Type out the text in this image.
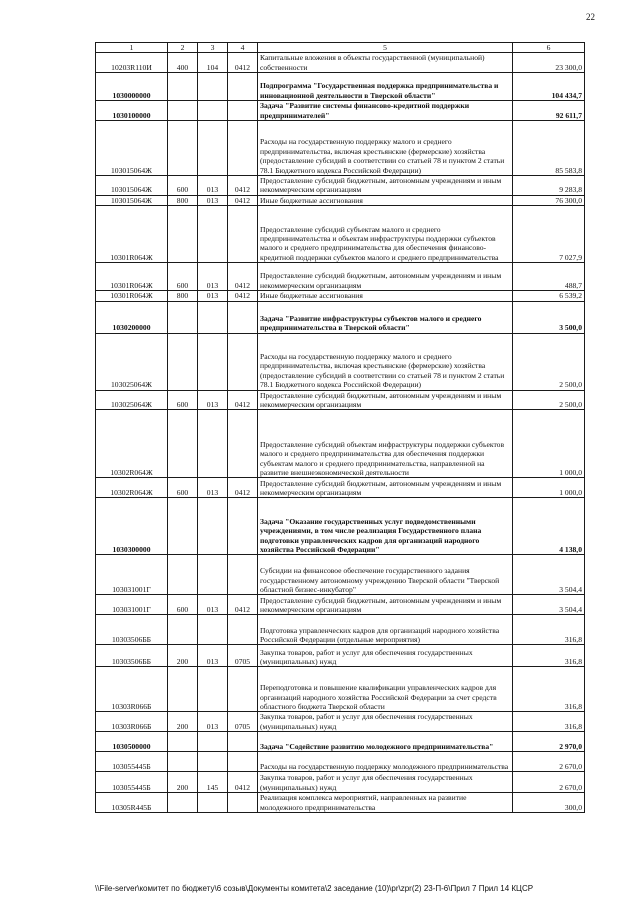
22
1	2	3	4	5	6
10203R110И	400	104	0412	Капитальные вложения в объекты государственной (муниципальной) собственности	23 300,0
1030000000				Подпрограмма "Государственная поддержка предпринимательства и инновационной деятельности в Тверской области"	104 434,7
1030100000				Задача "Развитие системы финансово-кредитной поддержки предпринимателей"	92 611,7
103015064Ж				Расходы на государственную поддержку малого и среднего предпринимательства, включая крестьянские (фермерские) хозяйства (предоставление субсидий в соответствии со статьей 78 и пунктом 2 статьи 78.1 Бюджетного кодекса Российской Федерации)	85 583,8
103015064Ж	600	013	0412	Предоставление субсидий бюджетным, автономным учреждениям и иным некоммерческим организациям	9 283,8
103015064Ж	800	013	0412	Иные бюджетные ассигнования	76 300,0
10301R064Ж				Предоставление субсидий субъектам малого и среднего предпринимательства и объектам инфраструктуры поддержки субъектов малого и среднего предпринимательства для обеспечения финансово-кредитной поддержки субъектов малого и среднего предпринимательства	7 027,9
10301R064Ж	600	013	0412	Предоставление субсидий бюджетным, автономным учреждениям и иным некоммерческим организациям	488,7
10301R064Ж	800	013	0412	Иные бюджетные ассигнования	6 539,2
1030200000				Задача "Развитие инфраструктуры субъектов малого и среднего предпринимательства в Тверской области"	3 500,0
103025064Ж				Расходы на государственную поддержку малого и среднего предпринимательства, включая крестьянские (фермерские) хозяйства (предоставление субсидий в соответствии со статьей 78 и пунктом 2 статьи 78.1 Бюджетного кодекса Российской Федерации)	2 500,0
103025064Ж	600	013	0412	Предоставление субсидий бюджетным, автономным учреждениям и иным некоммерческим организациям	2 500,0
10302R064Ж				Предоставление субсидий объектам инфраструктуры поддержки субъектов малого и среднего предпринимательства для обеспечения поддержки субъектам малого и среднего предпринимательства, направленной на развитие внешнеэкономической деятельности	1 000,0
10302R064Ж	600	013	0412	Предоставление субсидий бюджетным, автономным учреждениям и иным некоммерческим организациям	1 000,0
1030300000				Задача "Оказание государственных услуг подведомственными учреждениями, в том числе реализация Государственного плана подготовки управленческих кадров для организаций народного хозяйства Российской Федерации"	4 138,0
103031001Г				Субсидии на финансовое обеспечение государственного задания государственному автономному учреждению Тверской области "Тверской областной бизнес-инкубатор"	3 504,4
103031001Г	600	013	0412	Предоставление субсидий бюджетным, автономным учреждениям и иным некоммерческим организациям	3 504,4
10303506ББ				Подготовка управленческих кадров для организаций народного хозяйства Российской Федерации (отдельные мероприятия)	316,8
10303506ББ	200	013	0705	Закупка товаров, работ и услуг для обеспечения государственных (муниципальных) нужд	316,8
10303R066Б				Переподготовка и повышение квалификации управленческих кадров для организаций народного хозяйства Российской Федерации за счет средств областного бюджета Тверской области	316,8
10303R066Б	200	013	0705	Закупка товаров, работ и услуг для обеспечения государственных (муниципальных) нужд	316,8
1030500000				Задача "Содействие развитию молодежного предпринимательства"	2 970,0
103055445Б				Расходы на государственную поддержку молодежного предпринимательства	2 670,0
103055445Б	200	145	0412	Закупка товаров, работ и услуг для обеспечения государственных (муниципальных) нужд	2 670,0
10305R445Б				Реализация комплекса мероприятий, направленных на развитие молодежного предпринимательства	300,0
\\File-server\комитет по бюджету\6 созыв\Документы комитета\2 заседание (10)\pr\zpr(2) 23-П-6\Прил 7 Прил 14 КЦСР
